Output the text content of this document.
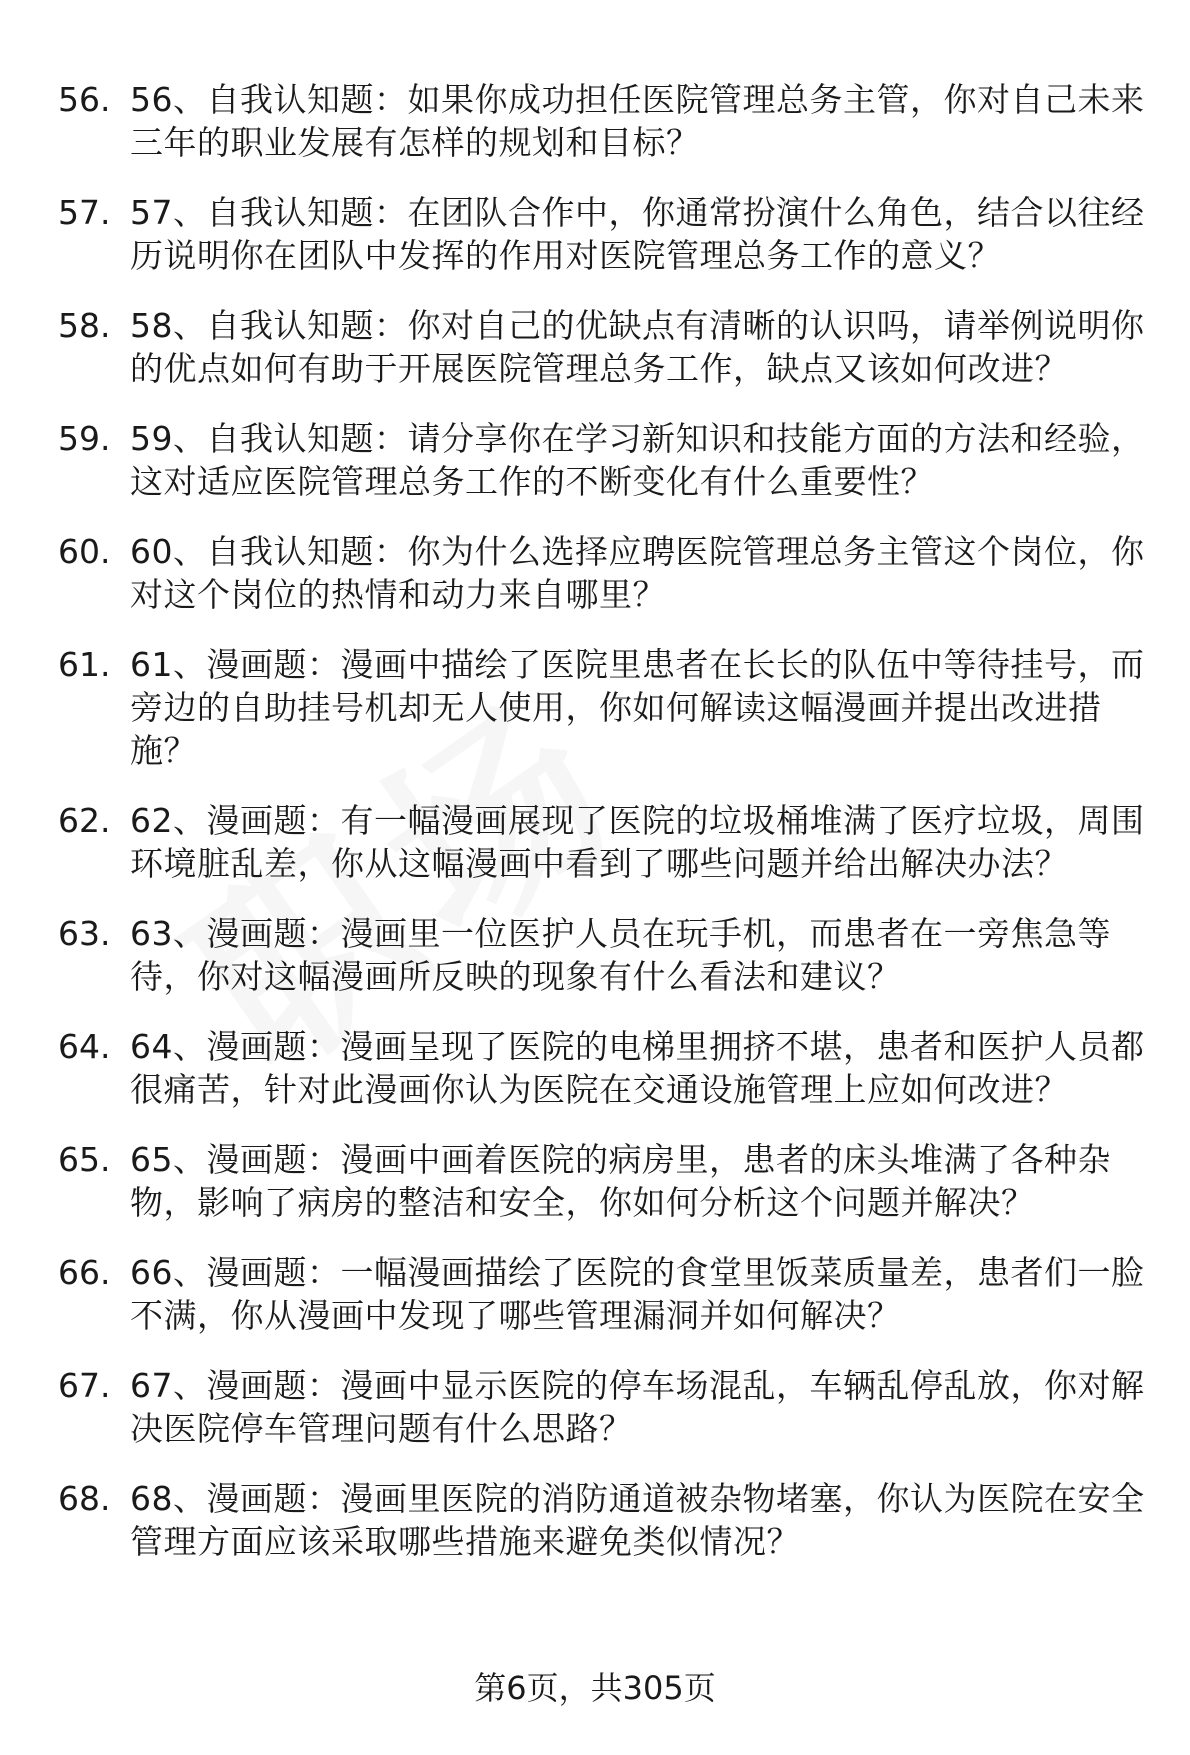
56. 56、自我认知题：如果你成功担任医院管理总务主管，你对自己未来三年的职业发展有怎样的规划和目标？
57. 57、自我认知题：在团队合作中，你通常扮演什么角色，结合以往经历说明你在团队中发挥的作用对医院管理总务工作的意义？
58. 58、自我认知题：你对自己的优缺点有清晰的认识吗，请举例说明你的优点如何有助于开展医院管理总务工作，缺点又该如何改进？
59. 59、自我认知题：请分享你在学习新知识和技能方面的方法和经验，这对适应医院管理总务工作的不断变化有什么重要性？
60. 60、自我认知题：你为什么选择应聘医院管理总务主管这个岗位，你对这个岗位的热情和动力来自哪里？
61. 61、漫画题：漫画中描绘了医院里患者在长长的队伍中等待挂号，而旁边的自助挂号机却无人使用，你如何解读这幅漫画并提出改进措施？
62. 62、漫画题：有一幅漫画展现了医院的垃圾桶堆满了医疗垃圾，周围环境脏乱差，你从这幅漫画中看到了哪些问题并给出解决办法？
63. 63、漫画题：漫画里一位医护人员在玩手机，而患者在一旁焦急等待，你对这幅漫画所反映的现象有什么看法和建议？
64. 64、漫画题：漫画呈现了医院的电梯里拥挤不堪，患者和医护人员都很痛苦，针对此漫画你认为医院在交通设施管理上应如何改进？
65. 65、漫画题：漫画中画着医院的病房里，患者的床头堆满了各种杂物，影响了病房的整洁和安全，你如何分析这个问题并解决？
66. 66、漫画题：一幅漫画描绘了医院的食堂里饭菜质量差，患者们一脸不满，你从漫画中发现了哪些管理漏洞并如何解决？
67. 67、漫画题：漫画中显示医院的停车场混乱，车辆乱停乱放，你对解决医院停车管理问题有什么思路？
68. 68、漫画题：漫画里医院的消防通道被杂物堵塞，你认为医院在安全管理方面应该采取哪些措施来避免类似情况？
第6页，共305页
